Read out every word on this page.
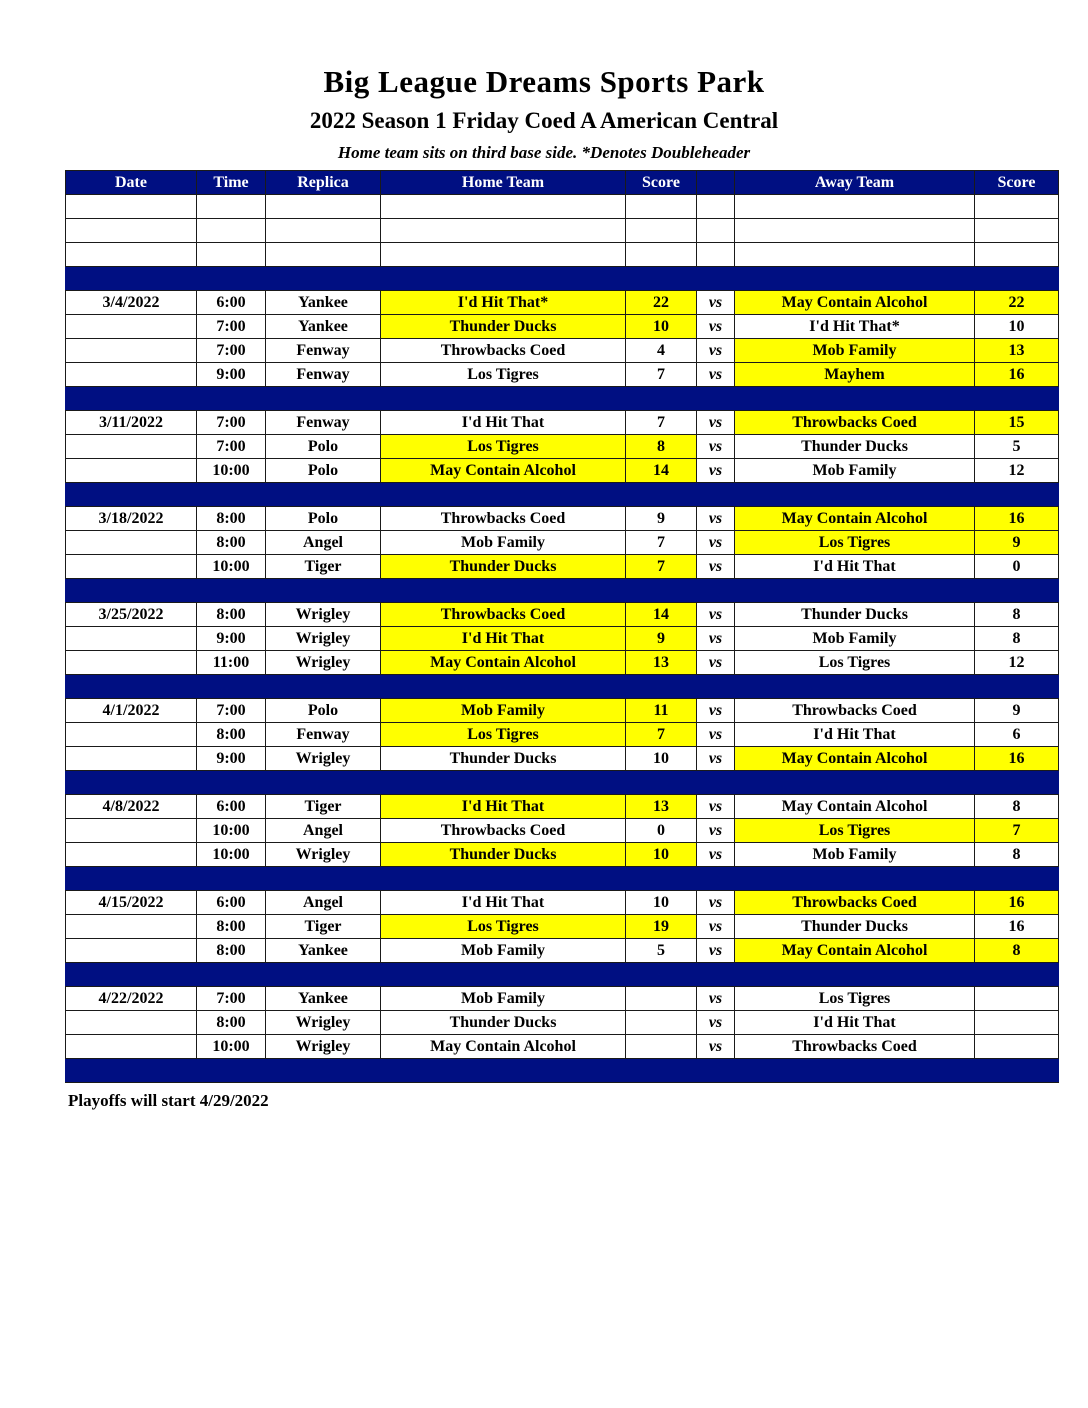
Big League Dreams Sports Park
2022 Season 1 Friday Coed A American Central
Home team sits on third base side. *Denotes Doubleheader
Date	Time	Replica	Home Team	Score		Away Team	Score

3/4/2022	6:00	Yankee	I'd Hit That*	22	vs	May Contain Alcohol	22
	7:00	Yankee	Thunder Ducks	10	vs	I'd Hit That*	10
	7:00	Fenway	Throwbacks Coed	4	vs	Mob Family	13
	9:00	Fenway	Los Tigres	7	vs	Mayhem	16

3/11/2022	7:00	Fenway	I'd Hit That	7	vs	Throwbacks Coed	15
	7:00	Polo	Los Tigres	8	vs	Thunder Ducks	5
	10:00	Polo	May Contain Alcohol	14	vs	Mob Family	12

3/18/2022	8:00	Polo	Throwbacks Coed	9	vs	May Contain Alcohol	16
	8:00	Angel	Mob Family	7	vs	Los Tigres	9
	10:00	Tiger	Thunder Ducks	7	vs	I'd Hit That	0

3/25/2022	8:00	Wrigley	Throwbacks Coed	14	vs	Thunder Ducks	8
	9:00	Wrigley	I'd Hit That	9	vs	Mob Family	8
	11:00	Wrigley	May Contain Alcohol	13	vs	Los Tigres	12

4/1/2022	7:00	Polo	Mob Family	11	vs	Throwbacks Coed	9
	8:00	Fenway	Los Tigres	7	vs	I'd Hit That	6
	9:00	Wrigley	Thunder Ducks	10	vs	May Contain Alcohol	16

4/8/2022	6:00	Tiger	I'd Hit That	13	vs	May Contain Alcohol	8
	10:00	Angel	Throwbacks Coed	0	vs	Los Tigres	7
	10:00	Wrigley	Thunder Ducks	10	vs	Mob Family	8

4/15/2022	6:00	Angel	I'd Hit That	10	vs	Throwbacks Coed	16
	8:00	Tiger	Los Tigres	19	vs	Thunder Ducks	16
	8:00	Yankee	Mob Family	5	vs	May Contain Alcohol	8

4/22/2022	7:00	Yankee	Mob Family		vs	Los Tigres	
	8:00	Wrigley	Thunder Ducks		vs	I'd Hit That	
	10:00	Wrigley	May Contain Alcohol		vs	Throwbacks Coed	

Playoffs will start 4/29/2022
